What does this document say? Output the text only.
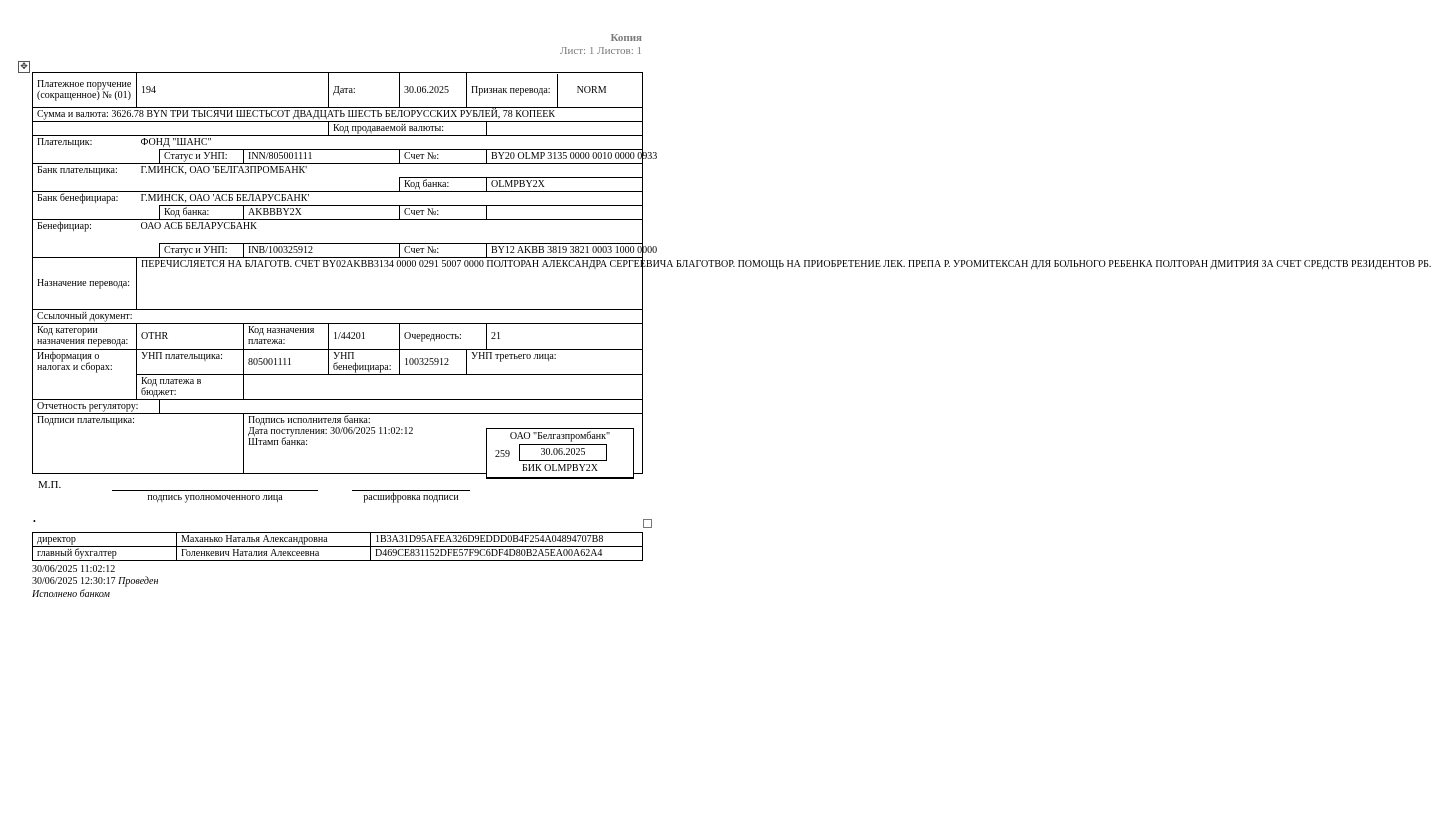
Копия
Лист: 1 Листов: 1
✥
Платежное поручение (сокращенное) № (01)	194			Дата:	30.06.2025	Признак перевода: NORM	
Сумма и валюта: 3626.78 BYN ТРИ ТЫСЯЧИ ШЕСТЬСОТ ДВАДЦАТЬ ШЕСТЬ БЕЛОРУССКИХ РУБЛЕЙ, 78 КОПЕЕК							
				Код продаваемой валюты:			
Плательщик:	ФОНД "ШАНС"						
		Статус и УНП:	INN/805001111		Счет №:		BY20 OLMP 3135 0000 0010 0000 0933
Банк плательщика:	Г.МИНСК, ОАО 'БЕЛГАЗПРОМБАНК'						
					Код банка:		OLMPBY2X
Банк бенефициара:	Г.МИНСК, ОАО 'АСБ БЕЛАРУСБАНК'						
		Код банка:	AKBBBY2X		Счет №:		
Бенефициар:	ОАО АСБ БЕЛАРУСБАНК						
		Статус и УНП:	INB/100325912		Счет №:		BY12 AKBB 3819 3821 0003 1000 0000
Назначение перевода:	ПЕРЕЧИСЛЯЕТСЯ НА БЛАГОТВ. СЧЕТ BY02AKBB3134 0000 0291 5007 0000 ПОЛТОРАН АЛЕКСАНДРА СЕРГЕЕВИЧА БЛАГОТВОР. ПОМОЩЬ НА ПРИОБРЕТЕНИЕ ЛЕК. ПРЕПА Р. УРОМИТЕКСАН ДЛЯ БОЛЬНОГО РЕБЕНКА ПОЛТОРАН ДМИТРИЯ ЗА СЧЕТ СРЕДСТВ РЕЗИДЕНТОВ РБ.						
Ссылочный документ:							
Код категории назначения перевода:	OTHR		Код назначения платежа:	1/44201	Очередность:		21
Информация о налогах и сборах:	УНП плательщика:		805001111	УНП бенефициара:	100325912	УНП третьего лица:	
	Код платежа в бюджет:						
Отчетность регулятору:							
Подписи плательщика:			Подпись исполнителя банка:
Дата поступления: 30/06/2025 11:02:12
Штамп банка:				
ОАО "Белгазпромбанк"
259	30.06.2025
БИК OLMPBY2X
М.П.
подпись уполномоченного лица	расшифровка подписи
•
директор	Маханько Наталья Александровна	1B3A31D95AFEA326D9EDDD0B4F254A04894707B8
главный бухгалтер	Голенкевич Наталия Алексеевна	D469CE831152DFE57F9C6DF4D80B2A5EA00A62A4
30/06/2025 11:02:12
30/06/2025 12:30:17 Проведен
Исполнено банком
